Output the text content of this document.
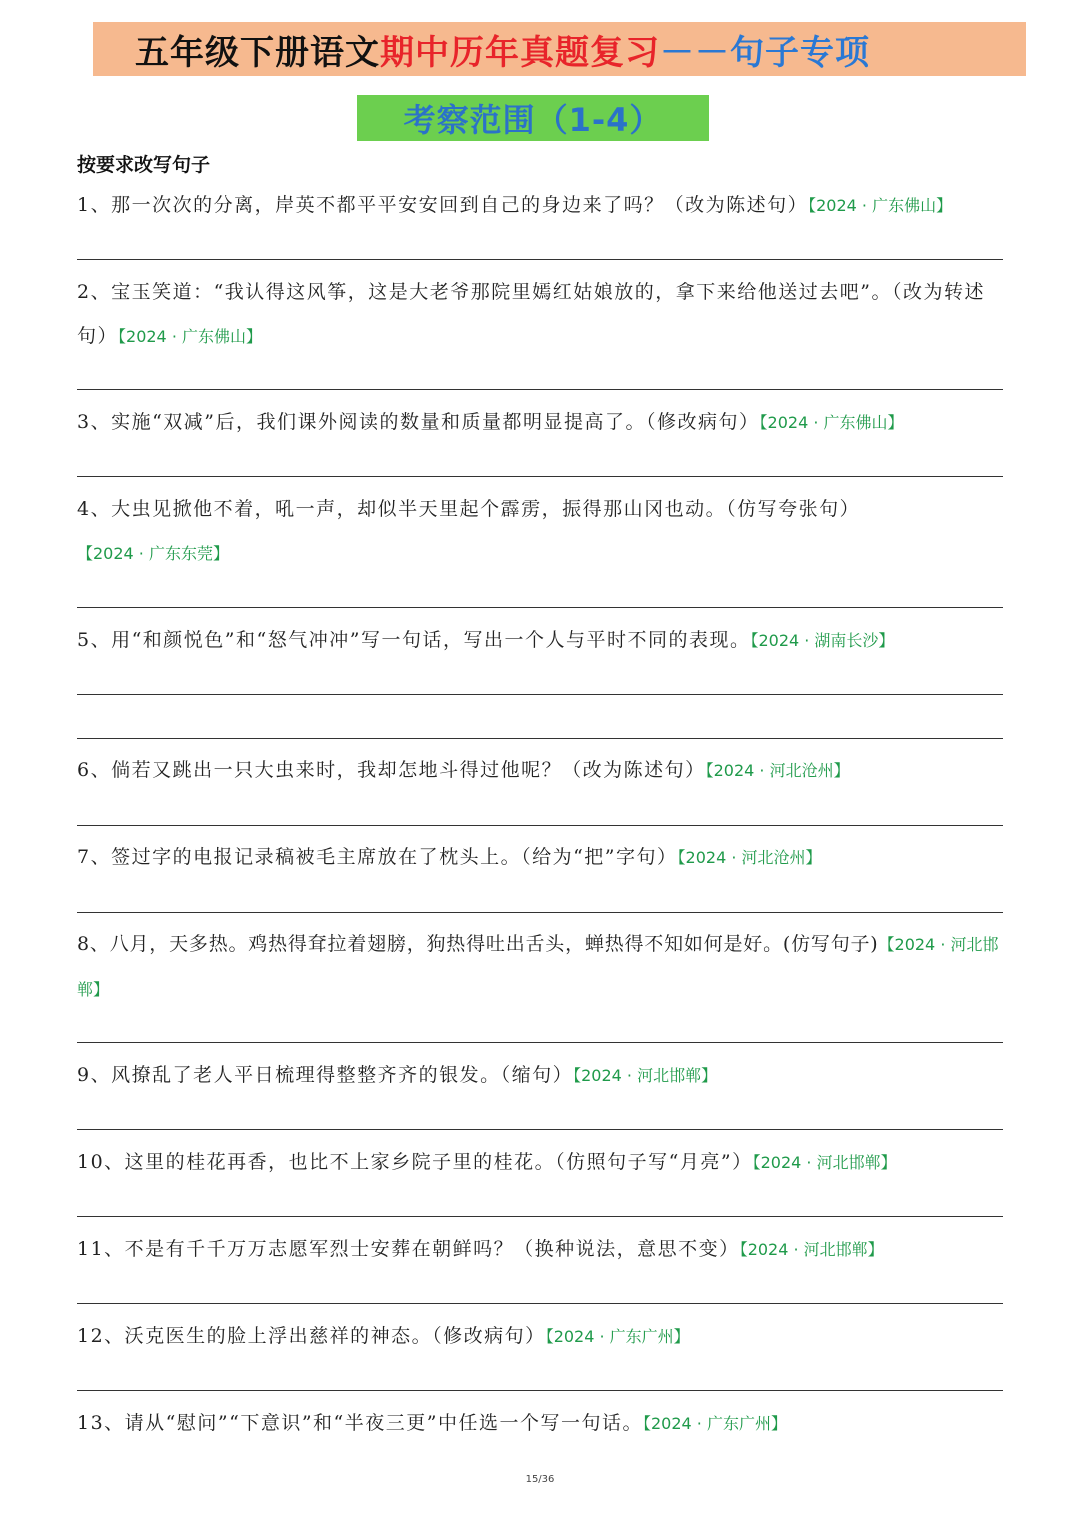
五年级下册语文 期中历年真题复习 －－句子专项
考察范围（1-4）
按要求改写句子
1、那一次次的分离，岸英不都平平安安回到自己的身边来了吗？（改为陈述句）【2024 · 广东佛山】
2、宝玉笑道：“我认得这风筝，这是大老爷那院里嫣红姑娘放的，拿下来给他送过去吧”。（改为转述句）【2024 · 广东佛山】
3、实施“双减”后，我们课外阅读的数量和质量都明显提高了。（修改病句）【2024 · 广东佛山】
4、大虫见掀他不着，吼一声，却似半天里起个霹雳，振得那山冈也动。（仿写夸张句）【2024 · 广东东莞】
5、用“和颜悦色”和“怒气冲冲”写一句话，写出一个人与平时不同的表现。【2024 · 湖南长沙】
6、倘若又跳出一只大虫来时，我却怎地斗得过他呢？（改为陈述句）【2024 · 河北沧州】
7、签过字的电报记录稿被毛主席放在了枕头上。（给为“把”字句）【2024 · 河北沧州】
8、八月，天多热。鸡热得耷拉着翅膀，狗热得吐出舌头，蝉热得不知如何是好。(仿写句子)【2024 · 河北邯郸】
9、风撩乱了老人平日梳理得整整齐齐的银发。（缩句）【2024 · 河北邯郸】
10、这里的桂花再香，也比不上家乡院子里的桂花。（仿照句子写“月亮”）【2024 · 河北邯郸】
11、不是有千千万万志愿军烈士安葬在朝鲜吗？（换种说法，意思不变）【2024 · 河北邯郸】
12、沃克医生的脸上浮出慈祥的神态。（修改病句）【2024 · 广东广州】
13、请从“慰问”“下意识”和“半夜三更”中任选一个写一句话。【2024 · 广东广州】
15/36
